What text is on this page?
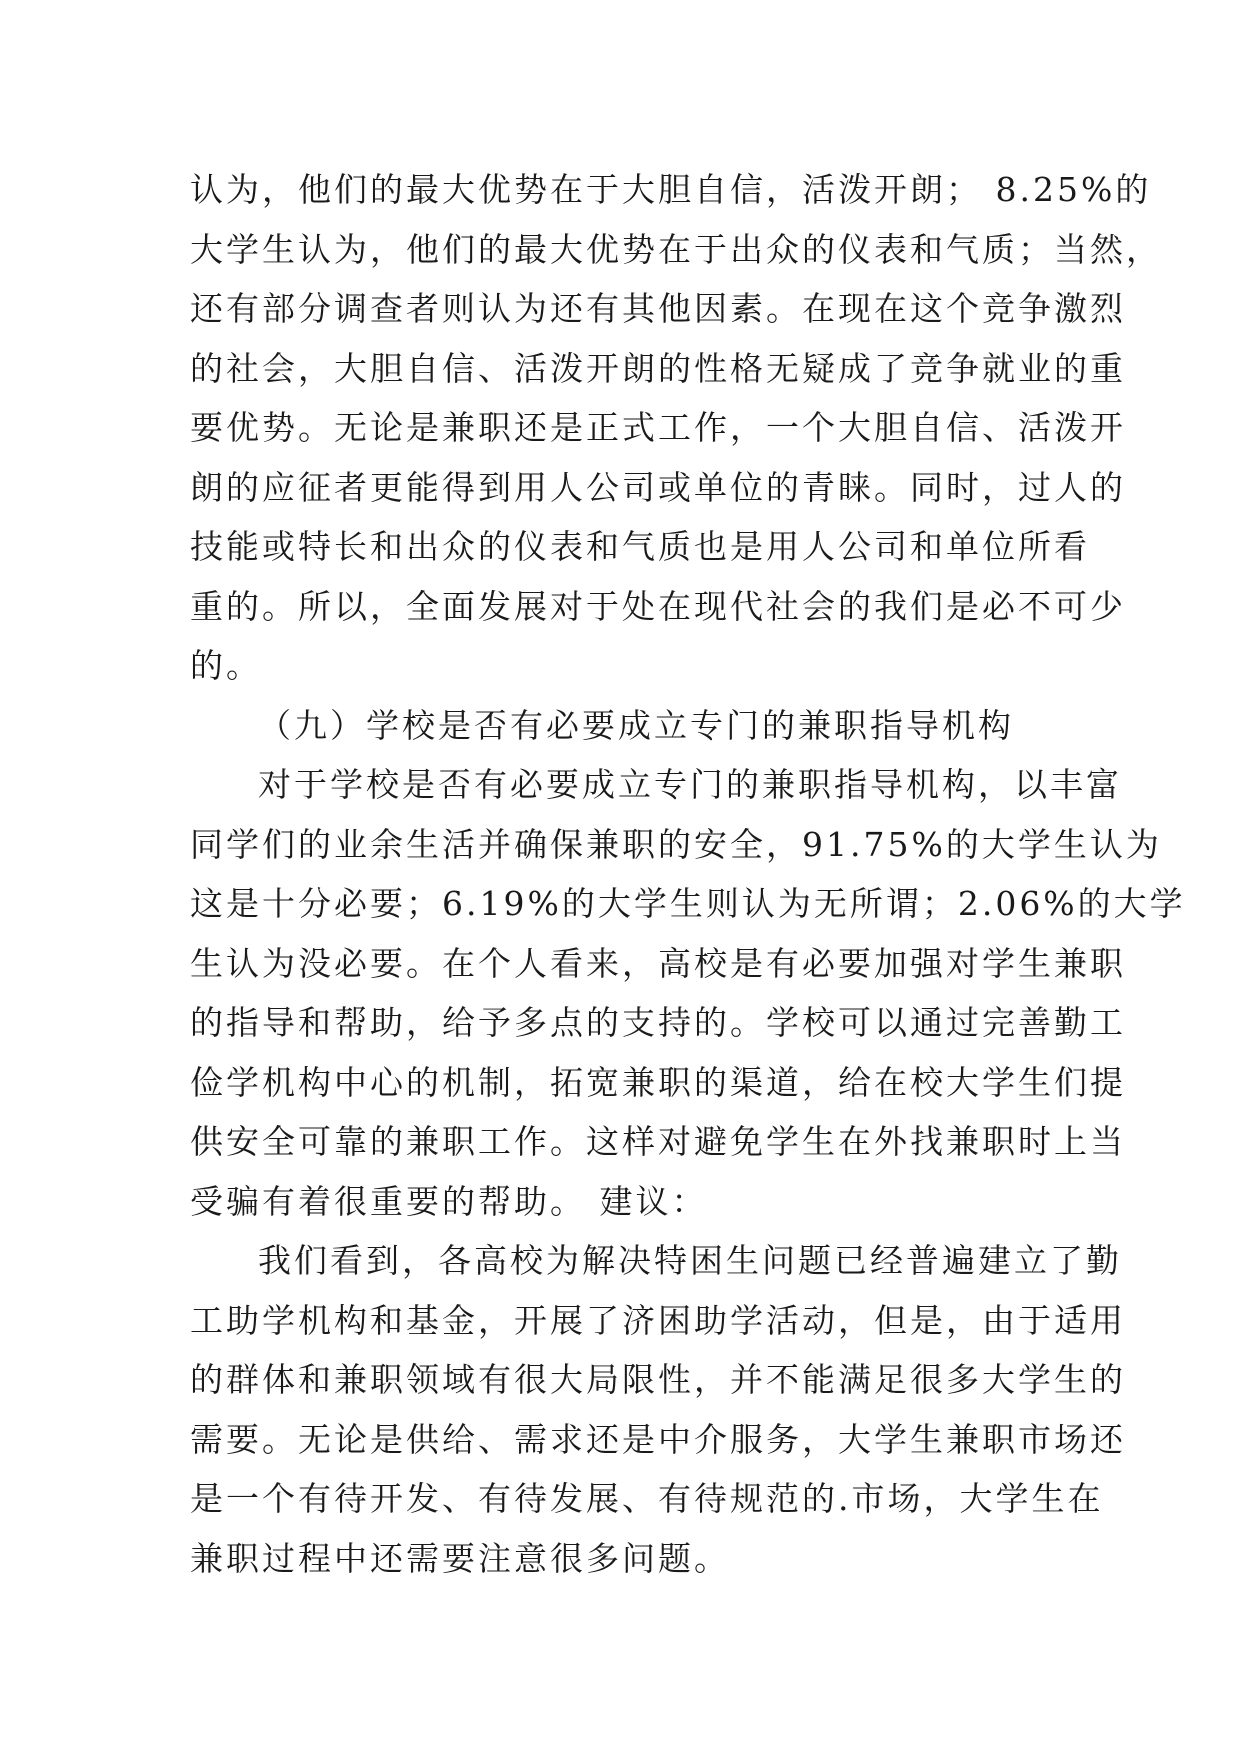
认为，他们的最大优势在于大胆自信，活泼开朗； 8.25%的
大学生认为，他们的最大优势在于出众的仪表和气质；当然，
还有部分调查者则认为还有其他因素。在现在这个竞争激烈
的社会，大胆自信、活泼开朗的性格无疑成了竞争就业的重
要优势。无论是兼职还是正式工作，一个大胆自信、活泼开
朗的应征者更能得到用人公司或单位的青睐。同时，过人的
技能或特长和出众的仪表和气质也是用人公司和单位所看
重的。所以，全面发展对于处在现代社会的我们是必不可少
的。
（九）学校是否有必要成立专门的兼职指导机构
对于学校是否有必要成立专门的兼职指导机构，以丰富
同学们的业余生活并确保兼职的安全，91.75%的大学生认为
这是十分必要；6.19%的大学生则认为无所谓；2.06%的大学
生认为没必要。在个人看来，高校是有必要加强对学生兼职
的指导和帮助，给予多点的支持的。学校可以通过完善勤工
俭学机构中心的机制，拓宽兼职的渠道，给在校大学生们提
供安全可靠的兼职工作。这样对避免学生在外找兼职时上当
受骗有着很重要的帮助。 建议：
我们看到，各高校为解决特困生问题已经普遍建立了勤
工助学机构和基金，开展了济困助学活动，但是，由于适用
的群体和兼职领域有很大局限性，并不能满足很多大学生的
需要。无论是供给、需求还是中介服务，大学生兼职市场还
是一个有待开发、有待发展、有待规范的.市场，大学生在
兼职过程中还需要注意很多问题。
